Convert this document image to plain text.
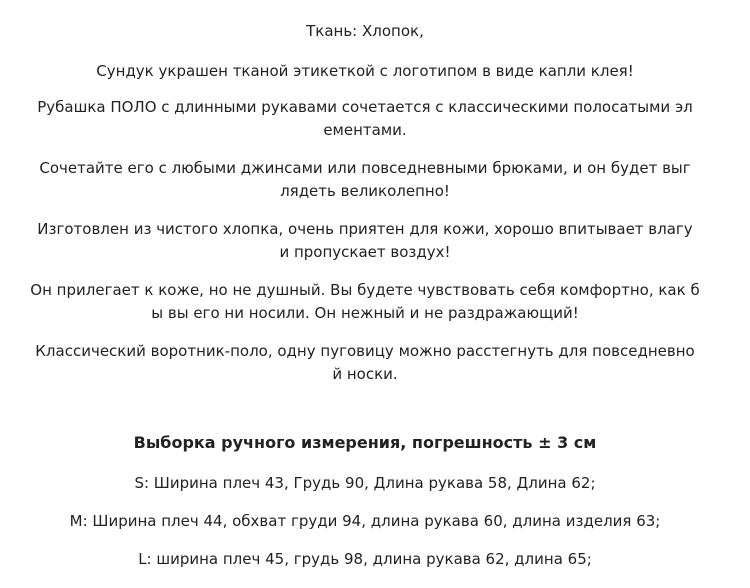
Ткань: Хлопок,

Сундук украшен тканой этикеткой с логотипом в виде капли клея!

Рубашка ПОЛО с длинными рукавами сочетается с классическими полосатыми эл

ементами.

Сочетайте его с любыми джинсами или повседневными брюками, и он будет выг

лядеть великолепно!

Изготовлен из чистого хлопка, очень приятен для кожи, хорошо впитывает влагу

и пропускает воздух!

Он прилегает к коже, но не душный. Вы будете чувствовать себя комфортно, как б

ы вы его ни носили. Он нежный и не раздражающий!

Классический воротник-поло, одну пуговицу можно расстегнуть для повседневно

й носки.

Выборка ручного измерения, погрешность ± 3 см

S: Ширина плеч 43, Грудь 90, Длина рукава 58, Длина 62;

M: Ширина плеч 44, обхват груди 94, длина рукава 60, длина изделия 63;

L: ширина плеч 45, грудь 98, длина рукава 62, длина 65;
